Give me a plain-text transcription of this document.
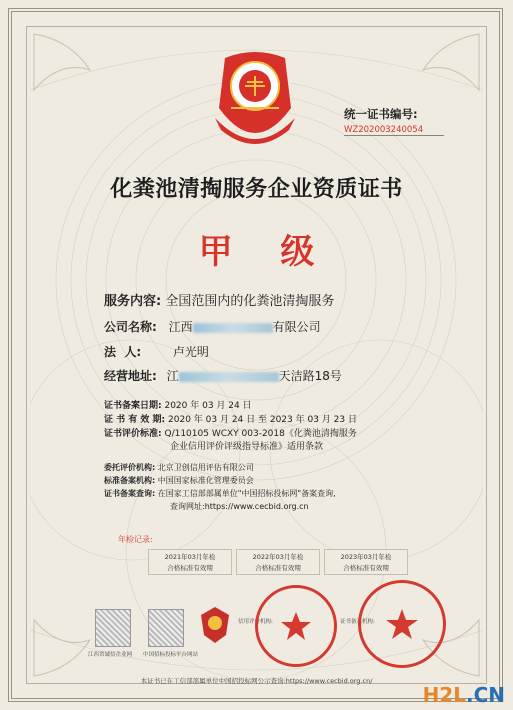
统一证书编号:
WZ202003240054
化粪池清掏服务企业资质证书
甲 级
服务内容: 全国范围内的化粪池清掏服务
公司名称: 江西	有限公司
法  人:	卢光明
经营地址: 江	天洁路18号
证书备案日期: 2020 年 03 月 24 日
证 书 有 效 期: 2020 年 03 月 24 日 至 2023 年 03 月 23 日
证书评价标准: Q/110105 WCXY 003-2018《化粪池清掏服务
企业信用评价评级指导标准》适用条款
委托评价机构: 北京卫创信用评估有限公司
标准备案机构: 中国国家标准化管理委员会
证书备案查询: 在国家工信部部属单位"中国招标投标网"备案查询,
查询网址:https://www.cecbid.org.cn
年检记录:
2021年03月年检
合格标准有效期
2022年03月年检
合格标准有效期
2023年03月年检
合格标准有效期
江西省诚信企业网 中国招标投标平台网站
信用评价机构:	证书备案机构:
本证书已在工信部部属单位中国招投标网公示查询:https://www.cecbid.org.cn/
H2L.CN
